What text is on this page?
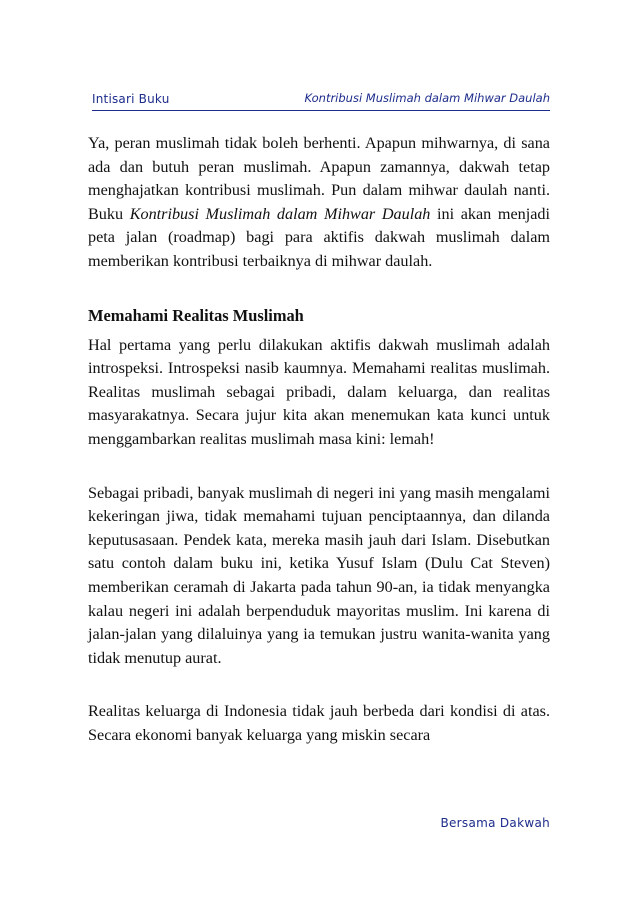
Intisari Buku	Kontribusi Muslimah dalam Mihwar Daulah

Ya, peran muslimah tidak boleh berhenti. Apapun mihwarnya, di sana ada dan butuh peran muslimah. Apapun zamannya, dakwah tetap menghajatkan kontribusi muslimah. Pun dalam mihwar daulah nanti. Buku Kontribusi Muslimah dalam Mihwar Daulah ini akan menjadi peta jalan (roadmap) bagi para aktifis dakwah muslimah dalam memberikan kontribusi terbaiknya di mihwar daulah.

Memahami Realitas Muslimah

Hal pertama yang perlu dilakukan aktifis dakwah muslimah adalah introspeksi. Introspeksi nasib kaumnya. Memahami realitas muslimah. Realitas muslimah sebagai pribadi, dalam keluarga, dan realitas masyarakatnya. Secara jujur kita akan menemukan kata kunci untuk menggambarkan realitas muslimah masa kini: lemah!

Sebagai pribadi, banyak muslimah di negeri ini yang masih mengalami kekeringan jiwa, tidak memahami tujuan penciptaannya, dan dilanda keputusasaan. Pendek kata, mereka masih jauh dari Islam. Disebutkan satu contoh dalam buku ini, ketika Yusuf Islam (Dulu Cat Steven) memberikan ceramah di Jakarta pada tahun 90-an, ia tidak menyangka kalau negeri ini adalah berpenduduk mayoritas muslim. Ini karena di jalan-jalan yang dilaluinya yang ia temukan justru wanita-wanita yang tidak menutup aurat.

Realitas keluarga di Indonesia tidak jauh berbeda dari kondisi di atas. Secara ekonomi banyak keluarga yang miskin secara

Bersama Dakwah
